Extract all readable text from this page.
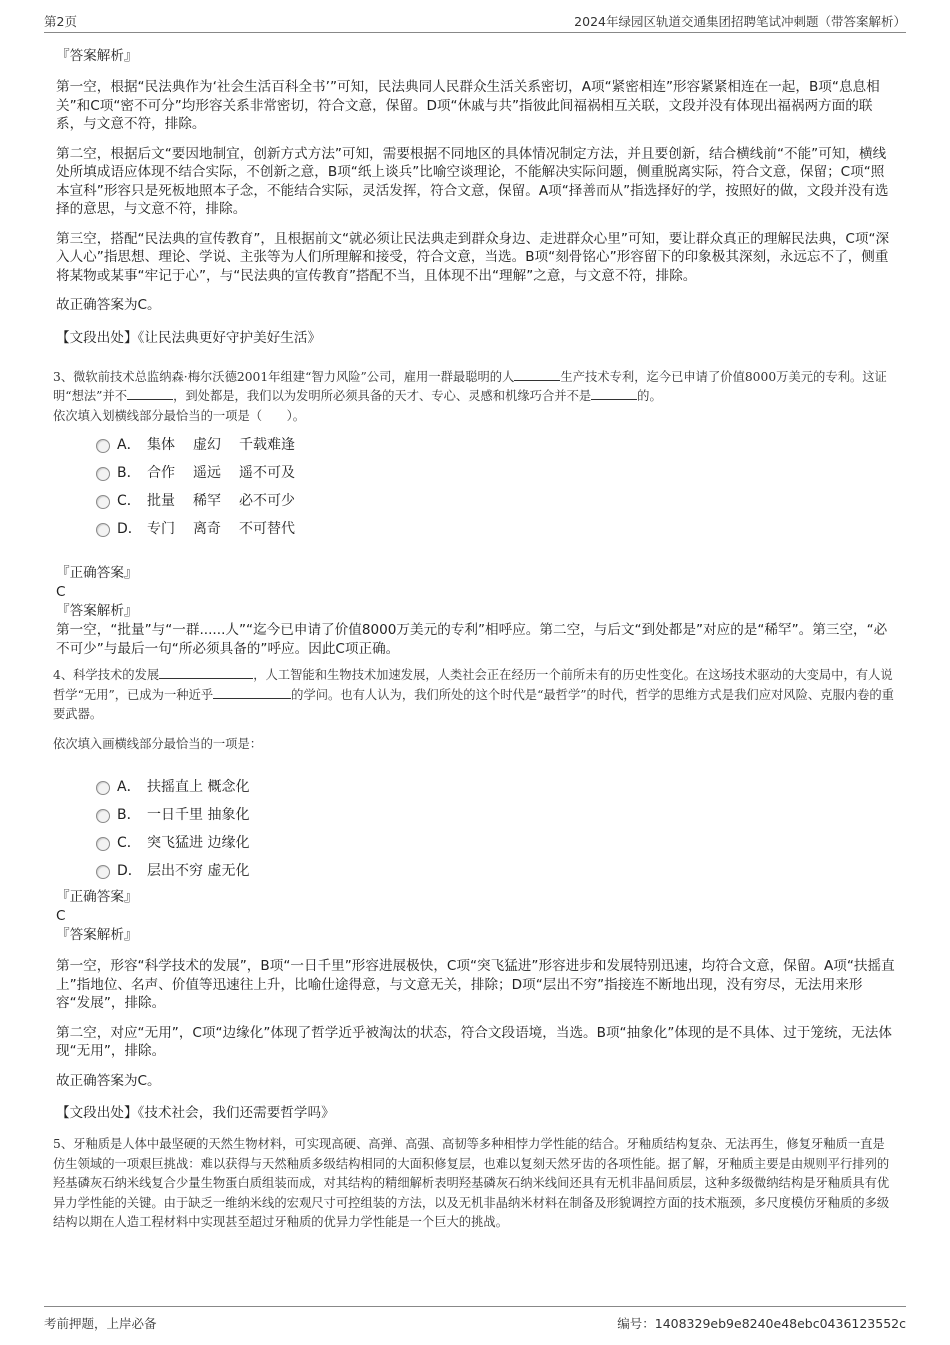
第2页	2024年绿园区轨道交通集团招聘笔试冲刺题（带答案解析）
『答案解析』

第一空，根据“民法典作为‘社会生活百科全书’”可知，民法典同人民群众生活关系密切，A项“紧密相连”形容紧紧相连在一起，B项“息息相关”和C项“密不可分”均形容关系非常密切，符合文意，保留。D项“休戚与共”指彼此间福祸相互关联，文段并没有体现出福祸两方面的联系，与文意不符，排除。

第二空，根据后文“要因地制宜，创新方式方法”可知，需要根据不同地区的具体情况制定方法，并且要创新，结合横线前“不能”可知，横线处所填成语应体现不结合实际，不创新之意，B项“纸上谈兵”比喻空谈理论，不能解决实际问题，侧重脱离实际，符合文意，保留；C项“照本宣科”形容只是死板地照本子念，不能结合实际，灵活发挥，符合文意，保留。A项“择善而从”指选择好的学，按照好的做，文段并没有选择的意思，与文意不符，排除。

第三空，搭配“民法典的宣传教育”，且根据前文“就必须让民法典走到群众身边、走进群众心里”可知，要让群众真正的理解民法典，C项“深入人心”指思想、理论、学说、主张等为人们所理解和接受，符合文意，当选。B项“刻骨铭心”形容留下的印象极其深刻，永远忘不了，侧重将某物或某事“牢记于心”，与“民法典的宣传教育”搭配不当，且体现不出“理解”之意，与文意不符，排除。

故正确答案为C。

【文段出处】《让民法典更好守护美好生活》

3、微软前技术总监纳森·梅尔沃德2001年组建“智力风险”公司，雇用一群最聪明的人	生产技术专利，迄今已申请了价值8000万美元的专利。这证明“想法”并不	，到处都是，我们以为发明所必须具备的天才、专心、灵感和机缘巧合并不是	的。

依次填入划横线部分最恰当的一项是（　　）。

A． 集体 虚幻 千载难逢
B． 合作 遥远 遥不可及
C． 批量 稀罕 必不可少
D． 专门 离奇 不可替代

『正确答案』

C

『答案解析』

第一空，“批量”与“一群......人”“迄今已申请了价值8000万美元的专利”相呼应。第二空，与后文“到处都是”对应的是“稀罕”。第三空，“必不可少”与最后一句“所必须具备的”呼应。因此C项正确。

4、科学技术的发展	，人工智能和生物技术加速发展，人类社会正在经历一个前所未有的历史性变化。在这场技术驱动的大变局中，有人说哲学“无用”，已成为一种近乎	的学问。也有人认为，我们所处的这个时代是“最哲学”的时代，哲学的思维方式是我们应对风险、克服内卷的重要武器。

依次填入画横线部分最恰当的一项是：

A． 扶摇直上 概念化
B． 一日千里 抽象化
C． 突飞猛进 边缘化
D． 层出不穷 虚无化

『正确答案』

C

『答案解析』

第一空，形容“科学技术的发展”，B项“一日千里”形容进展极快，C项“突飞猛进”形容进步和发展特别迅速，均符合文意，保留。A项“扶摇直上”指地位、名声、价值等迅速往上升，比喻仕途得意，与文意无关，排除；D项“层出不穷”指接连不断地出现，没有穷尽，无法用来形容“发展”，排除。

第二空，对应“无用”，C项“边缘化”体现了哲学近乎被淘汰的状态，符合文段语境，当选。B项“抽象化”体现的是不具体、过于笼统，无法体现“无用”，排除。

故正确答案为C。

【文段出处】《技术社会，我们还需要哲学吗》

5、牙釉质是人体中最坚硬的天然生物材料，可实现高硬、高弹、高强、高韧等多种相悖力学性能的结合。牙釉质结构复杂、无法再生，修复牙釉质一直是仿生领域的一项艰巨挑战：难以获得与天然釉质多级结构相同的大面积修复层，也难以复刻天然牙齿的各项性能。据了解，牙釉质主要是由规则平行排列的羟基磷灰石纳米线复合少量生物蛋白质组装而成，对其结构的精细解析表明羟基磷灰石纳米线间还具有无机非晶间质层，这种多级微纳结构是牙釉质具有优异力学性能的关键。由于缺乏一维纳米线的宏观尺寸可控组装的方法，以及无机非晶纳米材料在制备及形貌调控方面的技术瓶颈，多尺度模仿牙釉质的多级结构以期在人造工程材料中实现甚至超过牙釉质的优异力学性能是一个巨大的挑战。

考前押题，上岸必备	编号：1408329eb9e8240e48ebc0436123552c
